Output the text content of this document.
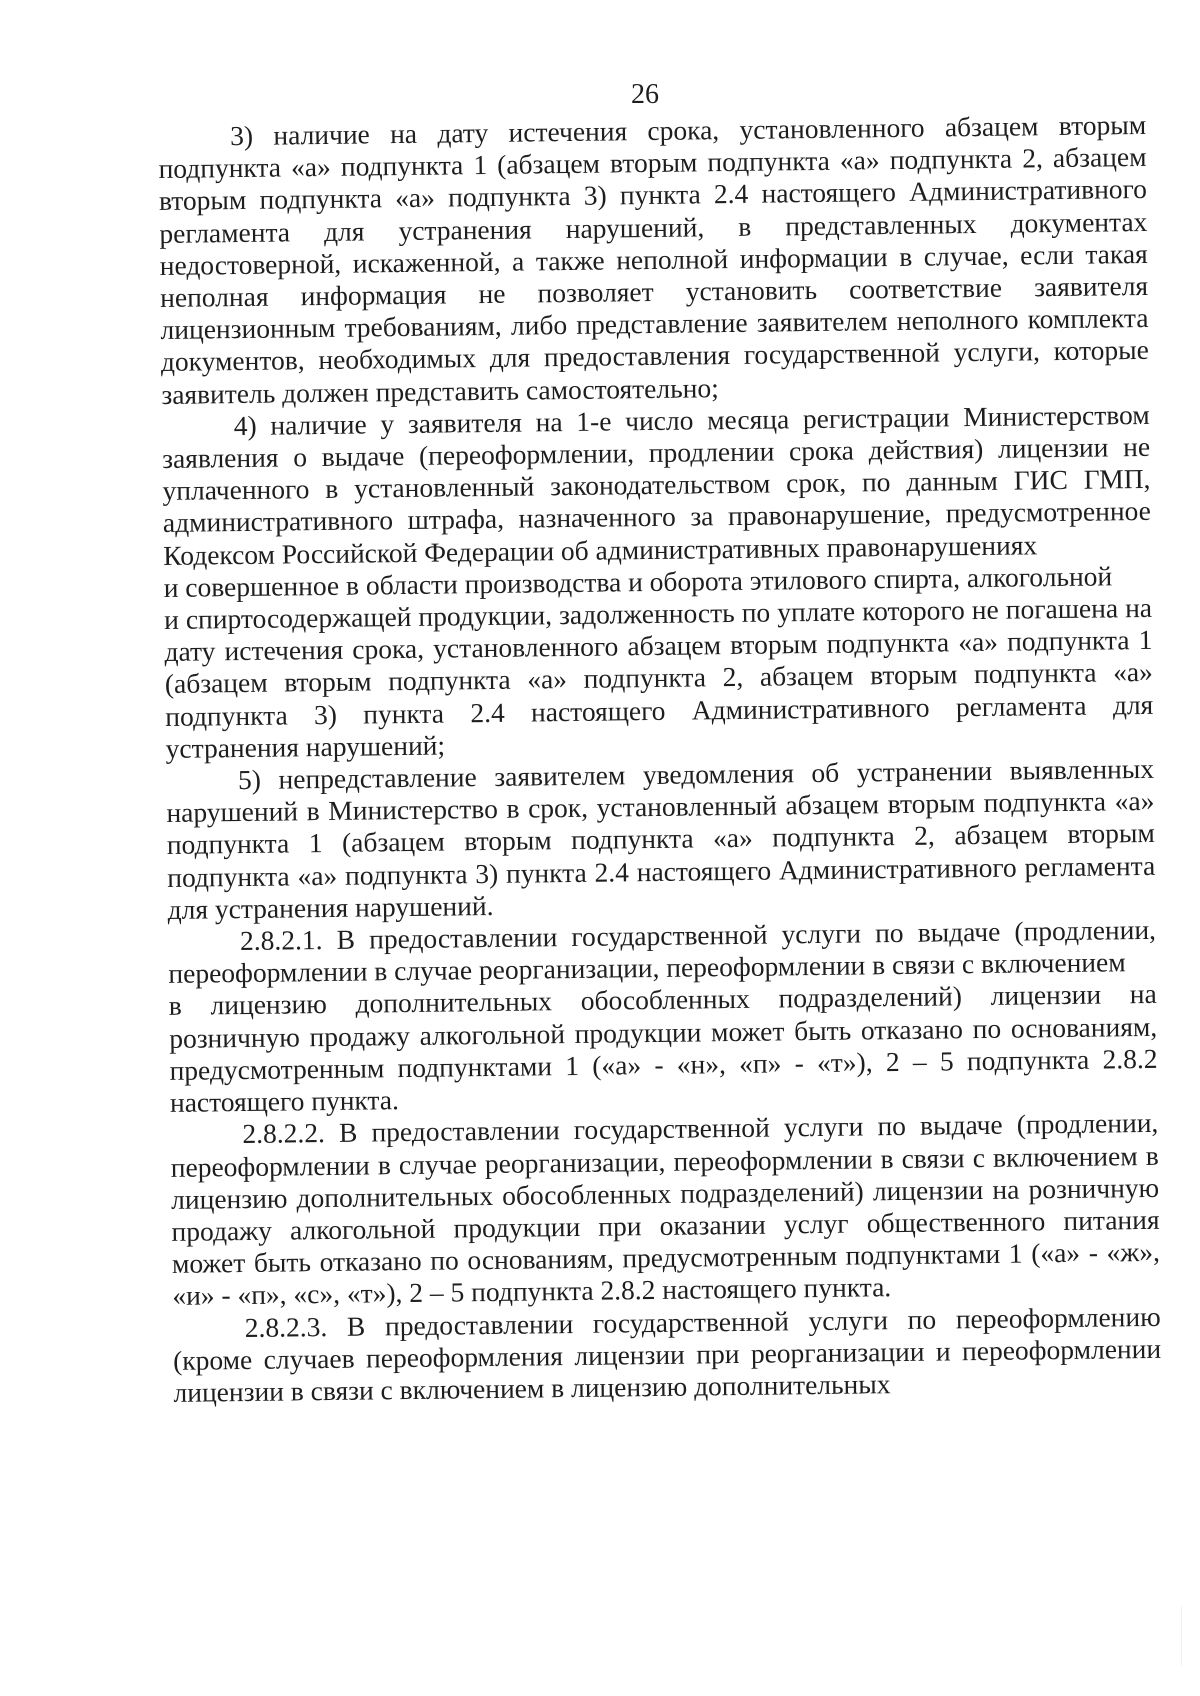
26

3) наличие на дату истечения срока, установленного абзацем вторым подпункта «а» подпункта 1 (абзацем вторым подпункта «а» подпункта 2, абзацем вторым подпункта «а» подпункта 3) пункта 2.4 настоящего Административного регламента для устранения нарушений, в представленных документах недостоверной, искаженной, а также неполной информации в случае, если такая неполная информация не позволяет установить соответствие заявителя лицензионным требованиям, либо представление заявителем неполного комплекта документов, необходимых для предоставления государственной услуги, которые заявитель должен представить самостоятельно;

4) наличие у заявителя на 1-е число месяца регистрации Министерством заявления о выдаче (переоформлении, продлении срока действия) лицензии не уплаченного в установленный законодательством срок, по данным ГИС ГМП, административного штрафа, назначенного за правонарушение, предусмотренное Кодексом Российской Федерации об административных правонарушениях

и совершенное в области производства и оборота этилового спирта, алкогольной

и спиртосодержащей продукции, задолженность по уплате которого не погашена на дату истечения срока, установленного абзацем вторым подпункта «а» подпункта 1 (абзацем вторым подпункта «а» подпункта 2, абзацем вторым подпункта «а» подпункта 3) пункта 2.4 настоящего Административного регламента для устранения нарушений;

5) непредставление заявителем уведомления об устранении выявленных нарушений в Министерство в срок, установленный абзацем вторым подпункта «а» подпункта 1 (абзацем вторым подпункта «а» подпункта 2, абзацем вторым подпункта «а» подпункта 3) пункта 2.4 настоящего Административного регламента для устранения нарушений.

2.8.2.1. В предоставлении государственной услуги по выдаче (продлении, переоформлении в случае реорганизации, переоформлении в связи с включением

в лицензию дополнительных обособленных подразделений) лицензии на розничную продажу алкогольной продукции может быть отказано по основаниям, предусмотренным подпунктами 1 («а» - «н», «п» - «т»), 2 – 5 подпункта 2.8.2 настоящего пункта.

2.8.2.2. В предоставлении государственной услуги по выдаче (продлении, переоформлении в случае реорганизации, переоформлении в связи с включением в лицензию дополнительных обособленных подразделений) лицензии на розничную продажу алкогольной продукции при оказании услуг общественного питания может быть отказано по основаниям, предусмотренным подпунктами 1 («а» - «ж», «и» - «п», «с», «т»), 2 – 5 подпункта 2.8.2 настоящего пункта.

2.8.2.3. В предоставлении государственной услуги по переоформлению (кроме случаев переоформления лицензии при реорганизации и переоформлении лицензии в связи с включением в лицензию дополнительных
